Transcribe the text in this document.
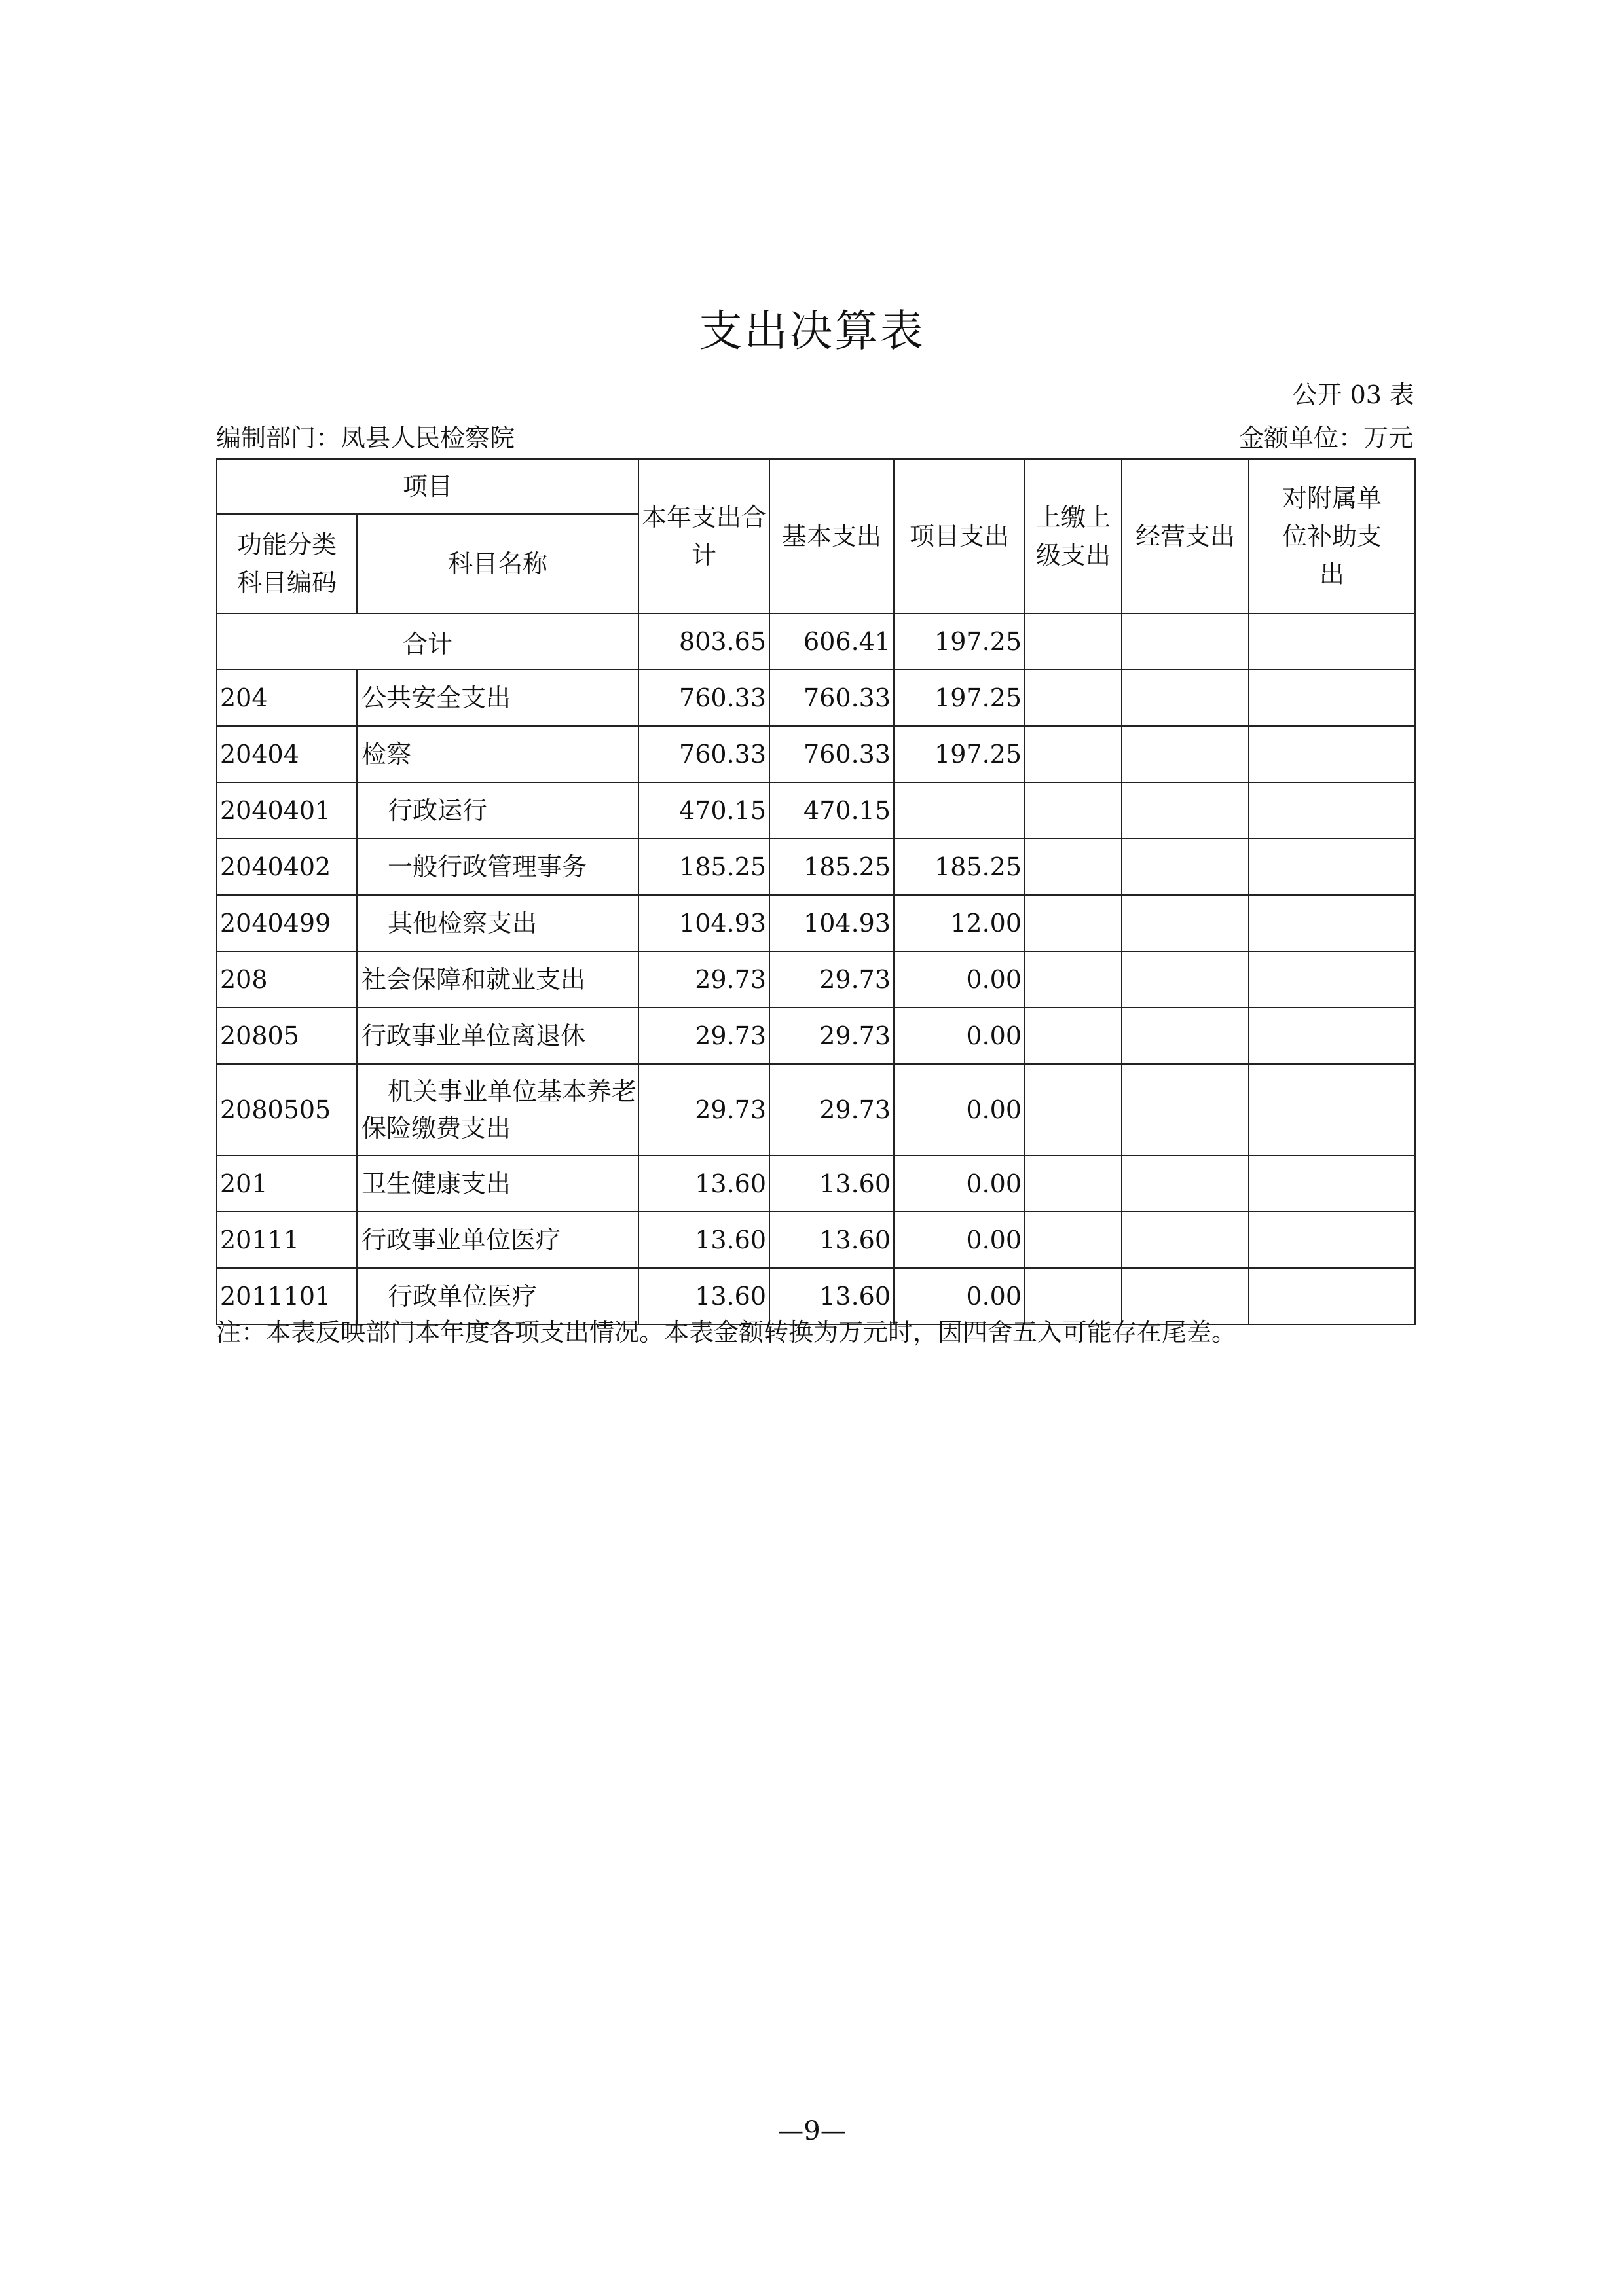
支出决算表
公开 03 表
编制部门：凤县人民检察院	金额单位：万元
项目		本年支出合计	基本支出	项目支出	上缴上级支出	经营支出	对附属单位补助支出
功能分类科目编码	科目名称						
合计		803.65	606.41	197.25			
204	公共安全支出	760.33	760.33	197.25			
20404	检察	760.33	760.33	197.25			
2040401	行政运行	470.15	470.15				
2040402	一般行政管理事务	185.25	185.25	185.25			
2040499	其他检察支出	104.93	104.93	12.00			
208	社会保障和就业支出	29.73	29.73	0.00			
20805	行政事业单位离退休	29.73	29.73	0.00			
2080505	机关事业单位基本养老保险缴费支出	29.73	29.73	0.00			
201	卫生健康支出	13.60	13.60	0.00			
20111	行政事业单位医疗	13.60	13.60	0.00			
2011101	行政单位医疗	13.60	13.60	0.00			
注：本表反映部门本年度各项支出情况。本表金额转换为万元时，因四舍五入可能存在尾差。
—9—
